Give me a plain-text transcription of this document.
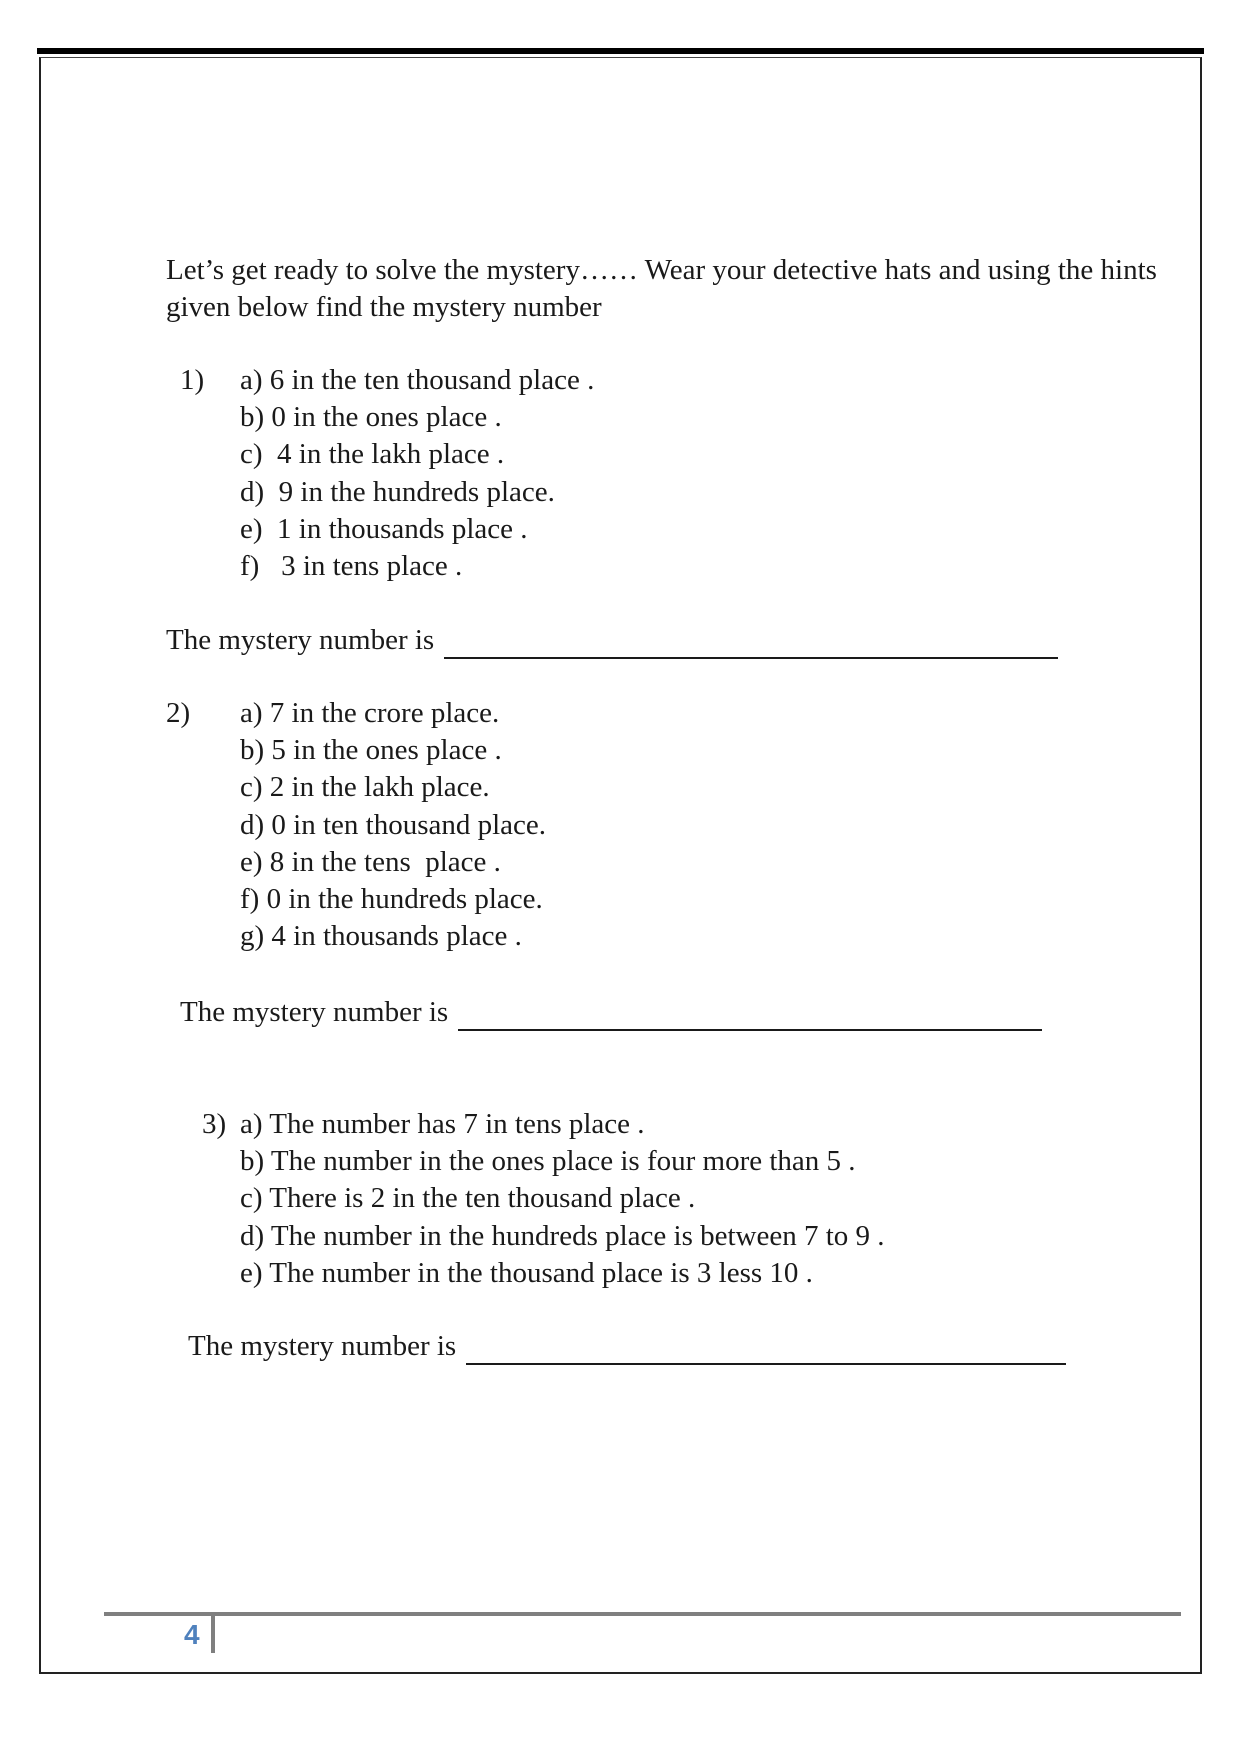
Let’s get ready to solve the mystery…… Wear your detective hats and using the hints
given below find the mystery number
1) a) 6 in the ten thousand place .
b) 0 in the ones place .
c)  4 in the lakh place .
d)  9 in the hundreds place.
e)  1 in thousands place .
f)   3 in tens place .
The mystery number is
2) a) 7 in the crore place.
b) 5 in the ones place .
c) 2 in the lakh place.
d) 0 in ten thousand place.
e) 8 in the tens  place .
f) 0 in the hundreds place.
g) 4 in thousands place .
The mystery number is
3) a) The number has 7 in tens place .
b) The number in the ones place is four more than 5 .
c) There is 2 in the ten thousand place .
d) The number in the hundreds place is between 7 to 9 .
e) The number in the thousand place is 3 less 10 .
The mystery number is
4
